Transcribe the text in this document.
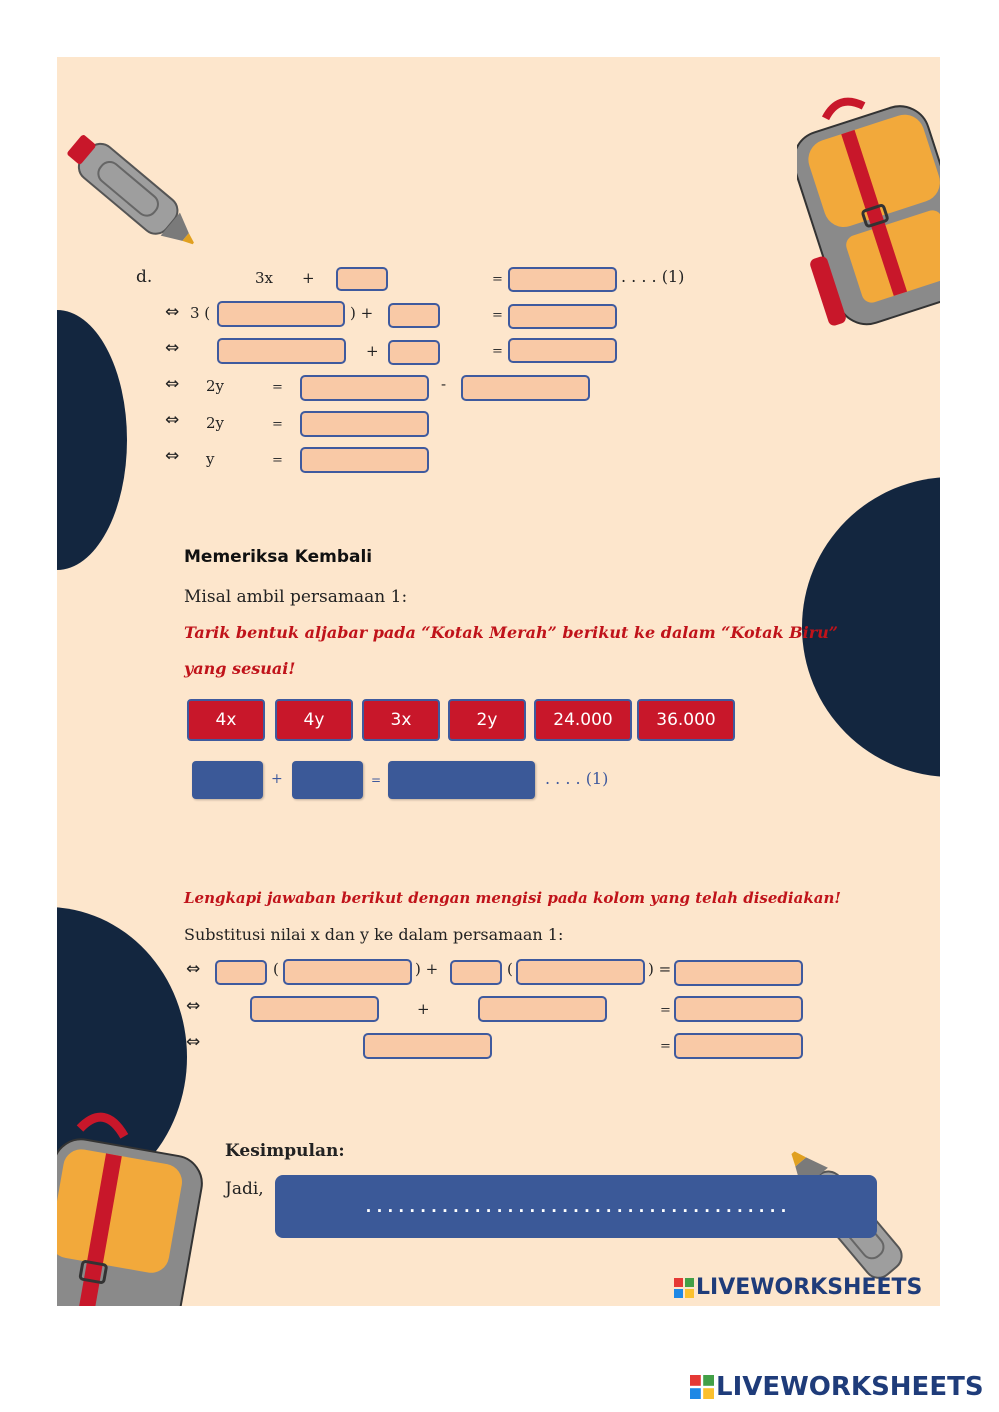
d.	3x +	=	. . . . (1)
⇔ 3 (	) +	=
⇔	+	=
⇔ 2y	=	-
⇔ 2y	=
⇔ y	=
Memeriksa Kembali
Misal ambil persamaan 1:
Tarik bentuk aljabar pada “Kotak Merah” berikut ke dalam “Kotak Biru”
yang sesuai!
4x	4y	3x	2y	24.000	36.000
+	=	. . . . (1)
Lengkapi jawaban berikut dengan mengisi pada kolom yang telah disediakan!
Substitusi nilai x dan y ke dalam persamaan 1:
⇔	(	) +	(	) =
⇔	+	=
⇔	=
Kesimpulan:
Jadi,
. . . . . . . . . . . . . . . . . . . . . . . . . . . . . . . . . . . . . . .
LIVEWORKSHEETS
LIVEWORKSHEETS
